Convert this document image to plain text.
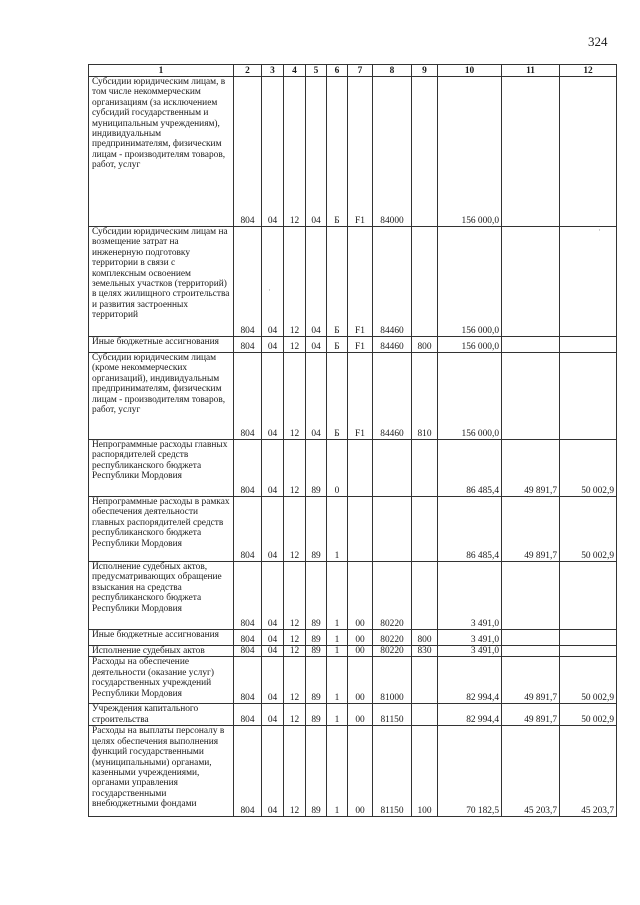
324
1	2	3	4	5	6	7	8	9	10	11	12
Субсидии юридическим лицам, в том числе некоммерческим организациям (за исключением субсидий государственным и муниципальным учреждениям), индивидуальным предпринимателям, физическим лицам - производителям товаров, работ, услуг	804	04	12	04	Б	F1	84000		156 000,0		
Субсидии юридическим лицам на возмещение затрат на инженерную подготовку территории в связи с комплексным освоением земельных участков (территорий) в целях жилищного строительства и развития застроенных территорий	804	04	12	04	Б	F1	84460		156 000,0		
Иные бюджетные ассигнования	804	04	12	04	Б	F1	84460	800	156 000,0		
Субсидии юридическим лицам (кроме некоммерческих организаций), индивидуальным предпринимателям, физическим лицам - производителям товаров, работ, услуг	804	04	12	04	Б	F1	84460	810	156 000,0		
Непрограммные расходы главных распорядителей средств республиканского бюджета Республики Мордовия	804	04	12	89	0				86 485,4	49 891,7	50 002,9
Непрограммные расходы в рамках обеспечения деятельности главных распорядителей средств республиканского бюджета Республики Мордовия	804	04	12	89	1				86 485,4	49 891,7	50 002,9
Исполнение судебных актов, предусматривающих обращение взыскания на средства республиканского бюджета Республики Мордовия	804	04	12	89	1	00	80220		3 491,0		
Иные бюджетные ассигнования	804	04	12	89	1	00	80220	800	3 491,0		
Исполнение судебных актов	804	04	12	89	1	00	80220	830	3 491,0		
Расходы на обеспечение деятельности (оказание услуг) государственных учреждений Республики Мордовия	804	04	12	89	1	00	81000		82 994,4	49 891,7	50 002,9
Учреждения капитального строительства	804	04	12	89	1	00	81150		82 994,4	49 891,7	50 002,9
Расходы на выплаты персоналу в целях обеспечения выполнения функций государственными (муниципальными) органами, казенными учреждениями, органами управления государственными внебюджетными фондами	804	04	12	89	1	00	81150	100	70 182,5	45 203,7	45 203,7
·
·
